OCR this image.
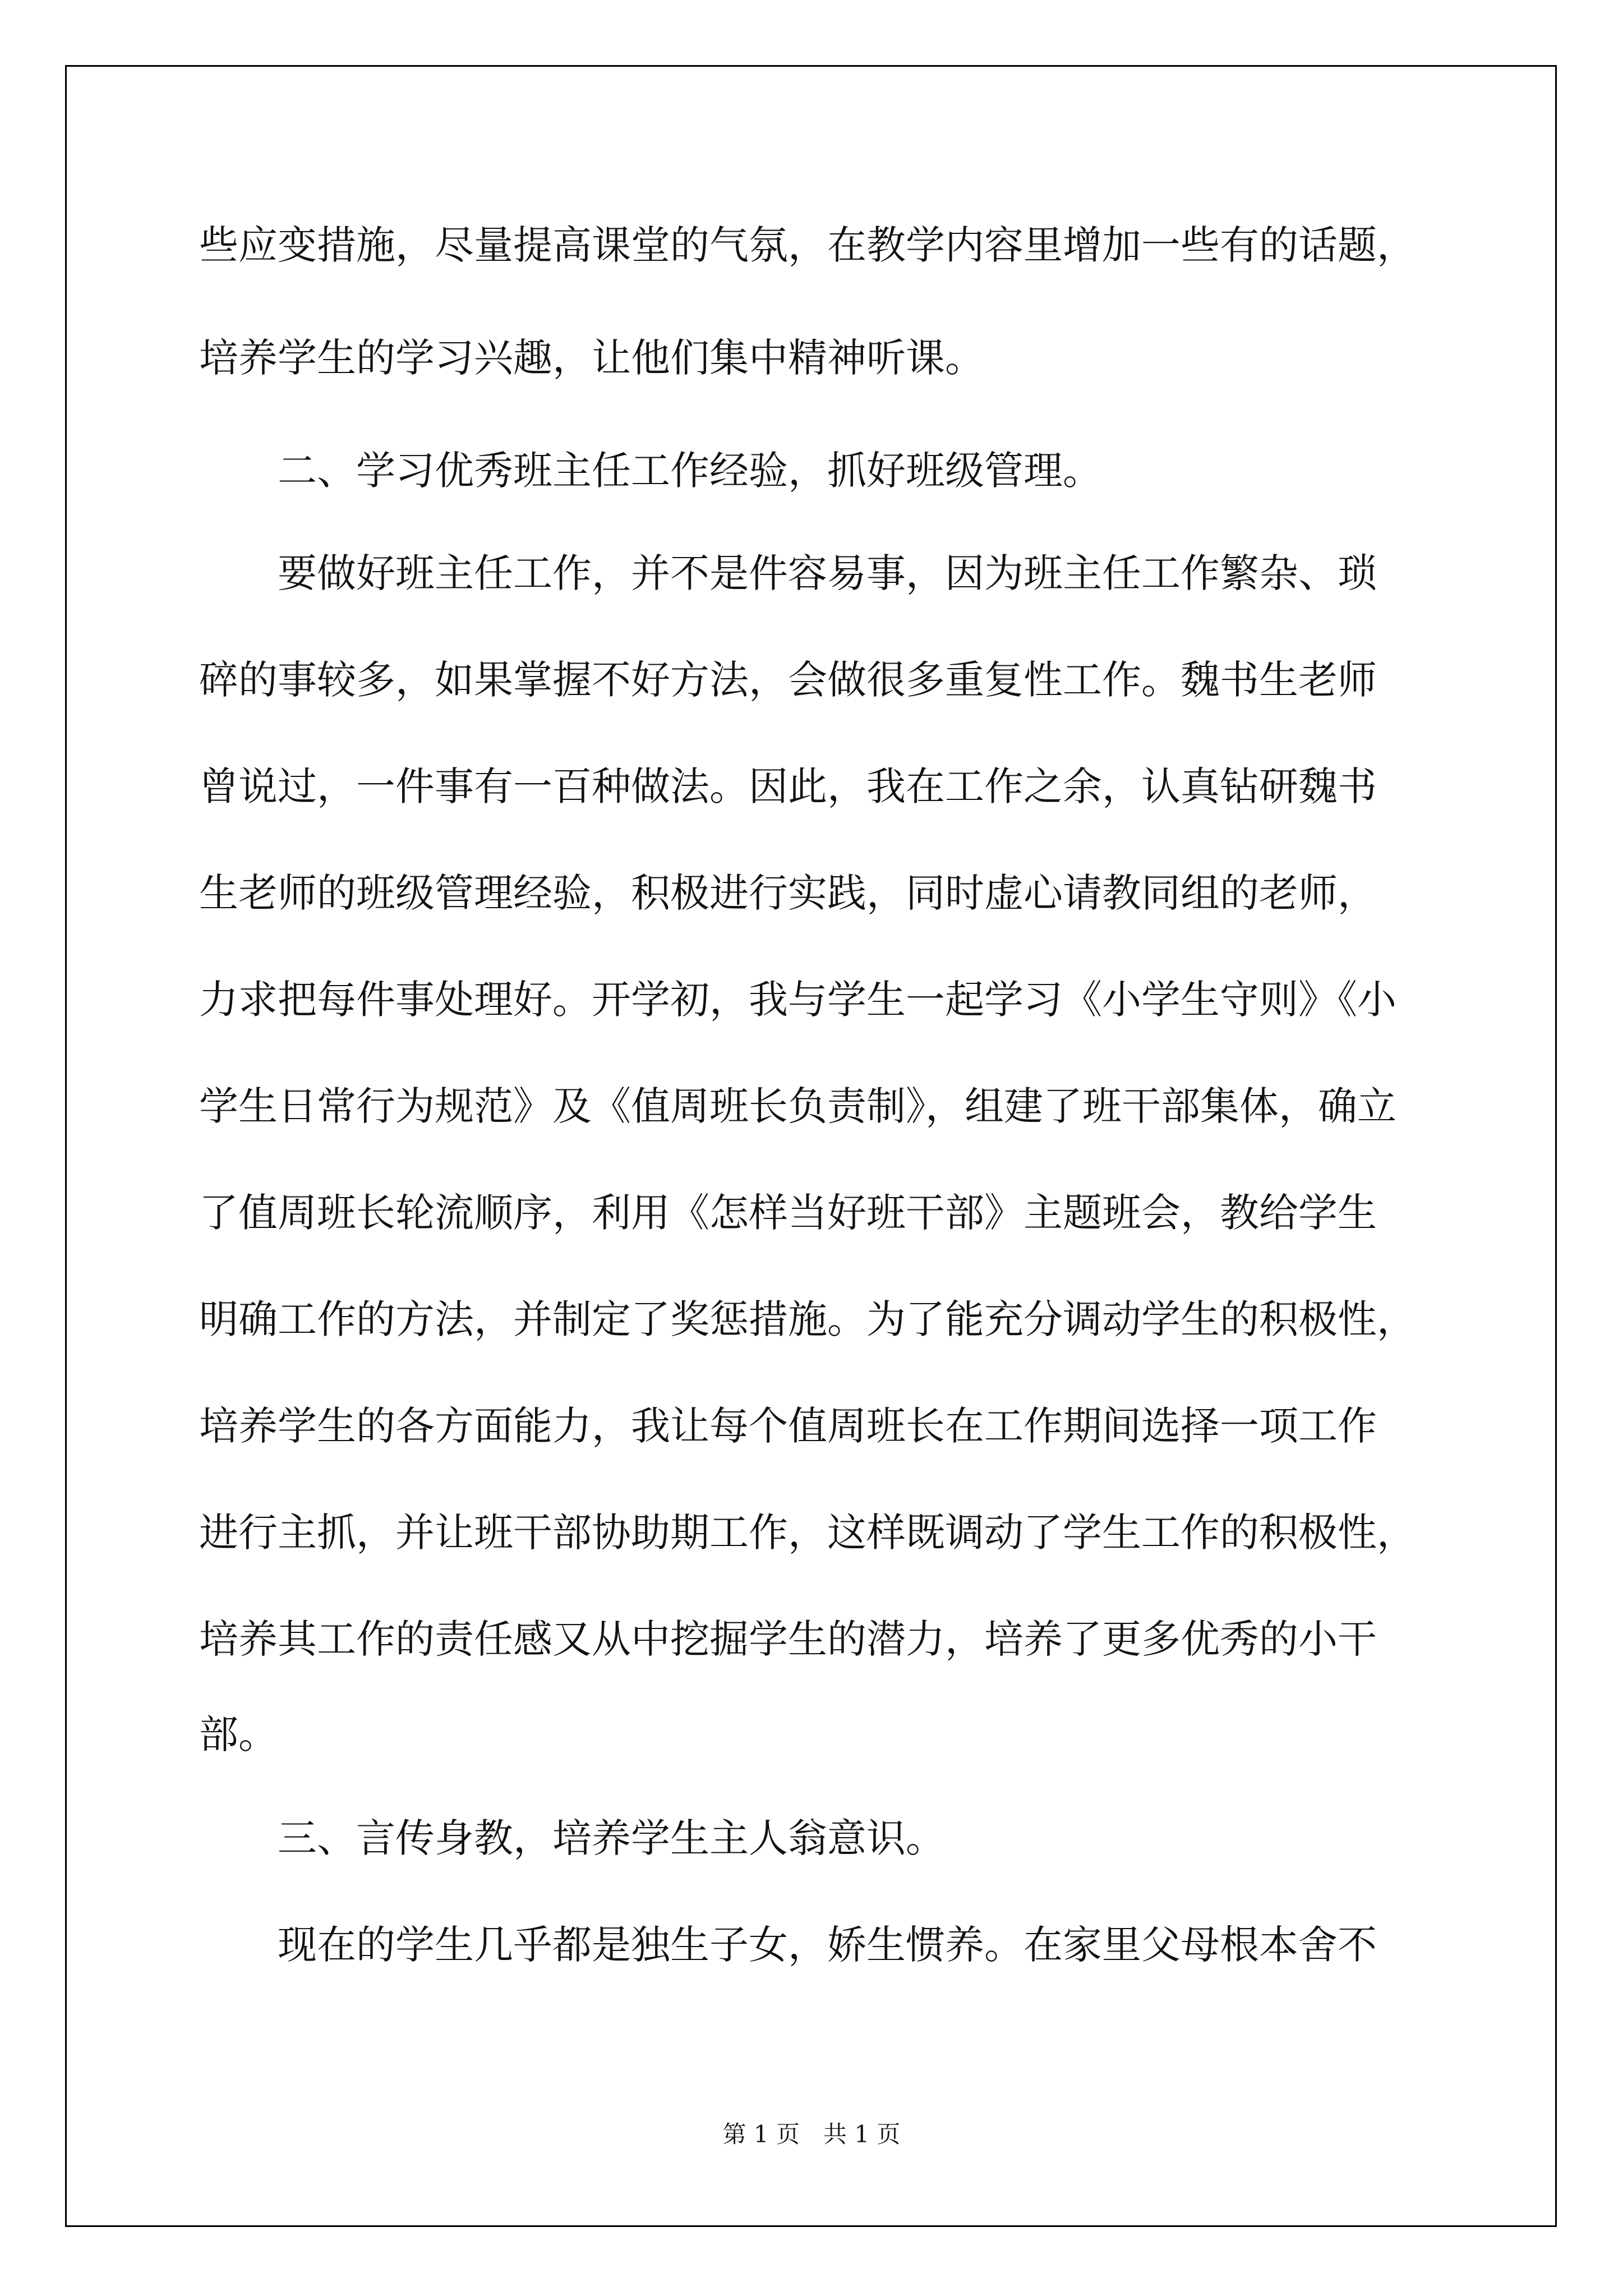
些应变措施，尽量提高课堂的气氛，在教学内容里增加一些有的话题，

培养学生的学习兴趣，让他们集中精神听课。

　　二、学习优秀班主任工作经验，抓好班级管理。

　　要做好班主任工作，并不是件容易事，因为班主任工作繁杂、琐

碎的事较多，如果掌握不好方法，会做很多重复性工作。魏书生老师

曾说过，一件事有一百种做法。因此，我在工作之余，认真钻研魏书

生老师的班级管理经验，积极进行实践，同时虚心请教同组的老师，

力求把每件事处理好。开学初，我与学生一起学习《小学生守则》《小

学生日常行为规范》及《值周班长负责制》，组建了班干部集体，确立

了值周班长轮流顺序，利用《怎样当好班干部》主题班会，教给学生

明确工作的方法，并制定了奖惩措施。为了能充分调动学生的积极性，

培养学生的各方面能力，我让每个值周班长在工作期间选择一项工作

进行主抓，并让班干部协助期工作，这样既调动了学生工作的积极性，

培养其工作的责任感又从中挖掘学生的潜力，培养了更多优秀的小干

部。

　　三、言传身教，培养学生主人翁意识。

　　现在的学生几乎都是独生子女，娇生惯养。在家里父母根本舍不

第 1 页　共 1 页
